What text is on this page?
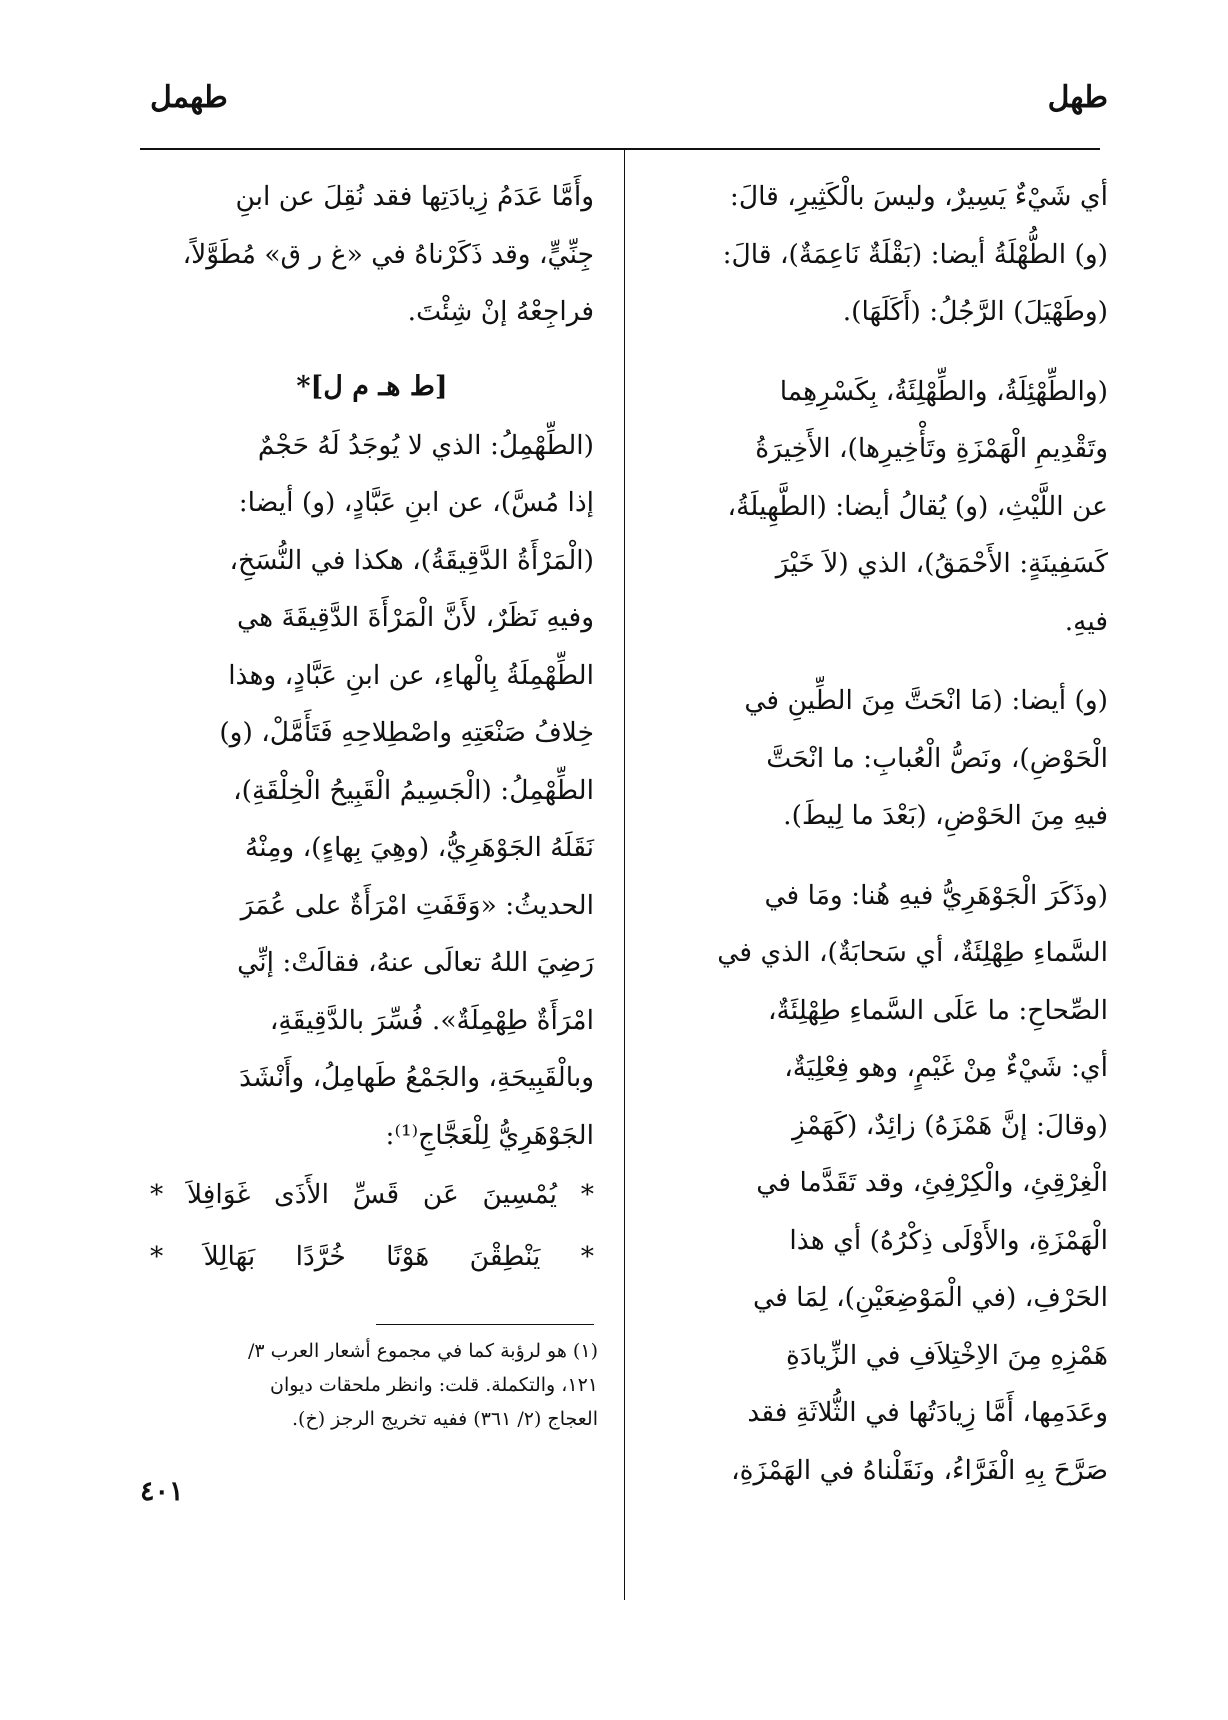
طهل
طهمل

أي شَيْءٌ يَسِيرٌ، وليسَ بالْكَثِيرِ، قالَ:
(و) الطُّهْلَةُ أيضا: (بَقْلَةٌ نَاعِمَةٌ)، قالَ:
(وطَهْيَلَ) الرَّجُلُ: (أَكَلَهَا).

(والطِّهْئِلَةُ، والطِّهْلِئَةُ، بِكَسْرِهِما
وتَقْدِيمِ الْهَمْزَةِ وتَأْخِيرِها)، الأَخِيرَةُ
عن اللَّيْثِ، (و) يُقالُ أيضا: (الطَّهِيلَةُ،
كَسَفِينَةٍ: الأَحْمَقُ)، الذي (لاَ خَيْرَ
فيهِ.

(و) أيضا: (مَا انْحَتَّ مِنَ الطِّينِ في
الْحَوْضِ)، ونَصُّ الْعُبابِ: ما انْحَتَّ
فيهِ مِنَ الحَوْضِ، (بَعْدَ ما لِيطَ).

(وذَكَرَ الْجَوْهَرِيُّ فيهِ هُنا: ومَا في
السَّماءِ طِهْلِئَةٌ، أي سَحابَةٌ)، الذي في
الصِّحاحِ: ما عَلَى السَّماءِ طِهْلِئَةٌ،
أي: شَيْءٌ مِنْ غَيْمٍ، وهو فِعْلِيَةٌ،
(وقالَ: إنَّ هَمْزَهُ) زائِدٌ، (كَهَمْزِ
الْغِرْقِئِ، والْكِرْفِئِ، وقد تَقَدَّما في
الْهَمْزَةِ، والأَوْلَى ذِكْرُهُ) أي هذا
الحَرْفِ، (في الْمَوْضِعَيْنِ)، لِمَا في
هَمْزِهِ مِنَ الاِخْتِلاَفِ في الزِّيادَةِ
وعَدَمِها، أَمَّا زِيادَتُها في الثُّلاثَةِ فقد
صَرَّحَ بِهِ الْفَرَّاءُ، ونَقَلْناهُ في الهَمْزَةِ،

وأَمَّا عَدَمُ زِيادَتِها فقد نُقِلَ عن ابنِ
جِنِّيٍّ، وقد ذَكَرْناهُ في «غ ر ق» مُطَوَّلاً،
فراجِعْهُ إنْ شِئْتَ.

[ط هـ م ل]*

(الطِّهْمِلُ: الذي لا يُوجَدُ لَهُ حَجْمٌ
إذا مُسَّ)، عن ابنِ عَبَّادٍ، (و) أيضا:
(الْمَرْأَةُ الدَّقِيقَةُ)، هكذا في النُّسَخِ،
وفيهِ نَظَرٌ، لأَنَّ الْمَرْأَةَ الدَّقِيقَةَ هي
الطِّهْمِلَةُ بِالْهاءِ، عن ابنِ عَبَّادٍ، وهذا
خِلافُ صَنْعَتِهِ واصْطِلاحِهِ فَتَأَمَّلْ، (و)
الطِّهْمِلُ: (الْجَسِيمُ الْقَبِيحُ الْخِلْقَةِ)،
نَقَلَهُ الجَوْهَرِيُّ، (وهِيَ بِهاءٍ)، ومِنْهُ
الحديثُ: «وَقَفَتِ امْرَأَةٌ على عُمَرَ
رَضِيَ اللهُ تعالَى عنهُ، فقالَتْ: إنِّي
امْرَأَةٌ طِهْمِلَةٌ». فُسِّرَ بالدَّقِيقَةِ،
وبالْقَبِيحَةِ، والجَمْعُ طَهامِلُ، وأَنْشَدَ
الجَوْهَرِيُّ لِلْعَجَّاجِ⁽¹⁾:

* يُمْسِينَ عَن قَسِّ الأَذَى غَوَافِلاَ *

* يَنْطِقْنَ هَوْنًا خُرَّدًا بَهَالِلاَ *

(١) هو لرؤبة كما في مجموع أشعار العرب ٣/
١٢١، والتكملة. قلت: وانظر ملحقات ديوان
العجاج (٢/ ٣٦١) ففيه تخريج الرجز (خ).

٤٠١
